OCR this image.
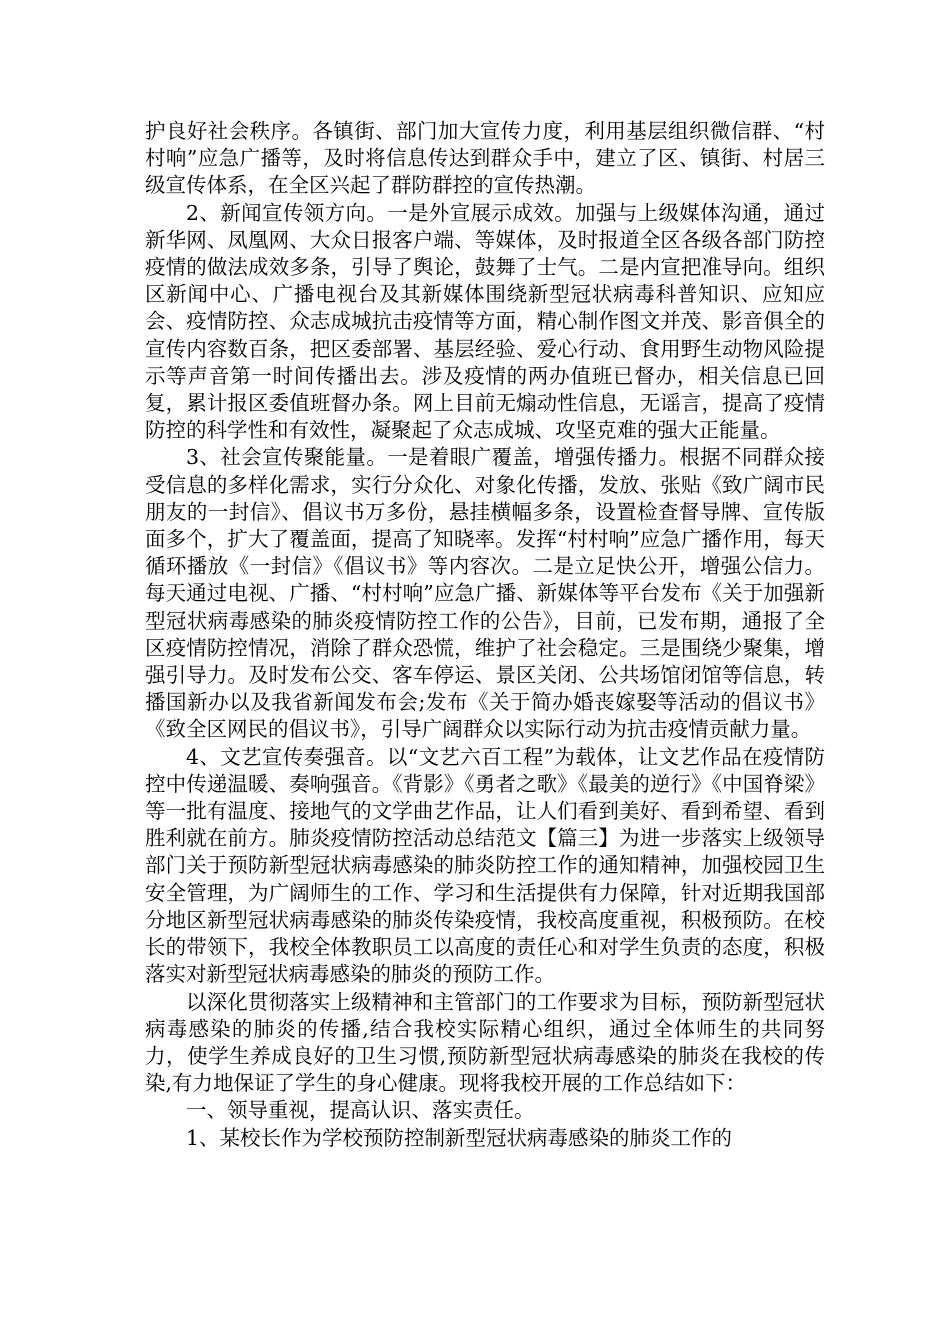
护良好社会秩序。各镇街、部门加大宣传力度，利用基层组织微信群、“村村响”应急广播等，及时将信息传达到群众手中，建立了区、镇街、村居三级宣传体系，在全区兴起了群防群控的宣传热潮。

2、新闻宣传领方向。一是外宣展示成效。加强与上级媒体沟通，通过新华网、凤凰网、大众日报客户端、等媒体，及时报道全区各级各部门防控疫情的做法成效多条，引导了舆论，鼓舞了士气。二是内宣把准导向。组织区新闻中心、广播电视台及其新媒体围绕新型冠状病毒科普知识、应知应会、疫情防控、众志成城抗击疫情等方面，精心制作图文并茂、影音俱全的宣传内容数百条，把区委部署、基层经验、爱心行动、食用野生动物风险提示等声音第一时间传播出去。涉及疫情的两办值班已督办，相关信息已回复，累计报区委值班督办条。网上目前无煽动性信息，无谣言，提高了疫情防控的科学性和有效性，凝聚起了众志成城、攻坚克难的强大正能量。

3、社会宣传聚能量。一是着眼广覆盖，增强传播力。根据不同群众接受信息的多样化需求，实行分众化、对象化传播，发放、张贴《致广阔市民朋友的一封信》、倡议书万多份，悬挂横幅多条，设置检查督导牌、宣传版面多个，扩大了覆盖面，提高了知晓率。发挥“村村响”应急广播作用，每天循环播放《一封信》《倡议书》等内容次。二是立足快公开，增强公信力。每天通过电视、广播、“村村响”应急广播、新媒体等平台发布《关于加强新型冠状病毒感染的肺炎疫情防控工作的公告》，目前，已发布期，通报了全区疫情防控情况，消除了群众恐慌，维护了社会稳定。三是围绕少聚集，增强引导力。及时发布公交、客车停运、景区关闭、公共场馆闭馆等信息，转播国新办以及我省新闻发布会;发布《关于简办婚丧嫁娶等活动的倡议书》《致全区网民的倡议书》，引导广阔群众以实际行动为抗击疫情贡献力量。

4、文艺宣传奏强音。以“文艺六百工程”为载体，让文艺作品在疫情防控中传递温暖、奏响强音。《背影》《勇者之歌》《最美的逆行》《中国脊梁》等一批有温度、接地气的文学曲艺作品，让人们看到美好、看到希望、看到胜利就在前方。肺炎疫情防控活动总结范文【篇三】为进一步落实上级领导部门关于预防新型冠状病毒感染的肺炎防控工作的通知精神，加强校园卫生安全管理，为广阔师生的工作、学习和生活提供有力保障，针对近期我国部分地区新型冠状病毒感染的肺炎传染疫情，我校高度重视，积极预防。在校长的带领下，我校全体教职员工以高度的责任心和对学生负责的态度，积极落实对新型冠状病毒感染的肺炎的预防工作。

以深化贯彻落实上级精神和主管部门的工作要求为目标，预防新型冠状病毒感染的肺炎的传播,结合我校实际精心组织，通过全体师生的共同努力，使学生养成良好的卫生习惯,预防新型冠状病毒感染的肺炎在我校的传染,有力地保证了学生的身心健康。现将我校开展的工作总结如下：

一、领导重视，提高认识、落实责任。

1、某校长作为学校预防控制新型冠状病毒感染的肺炎工作的
